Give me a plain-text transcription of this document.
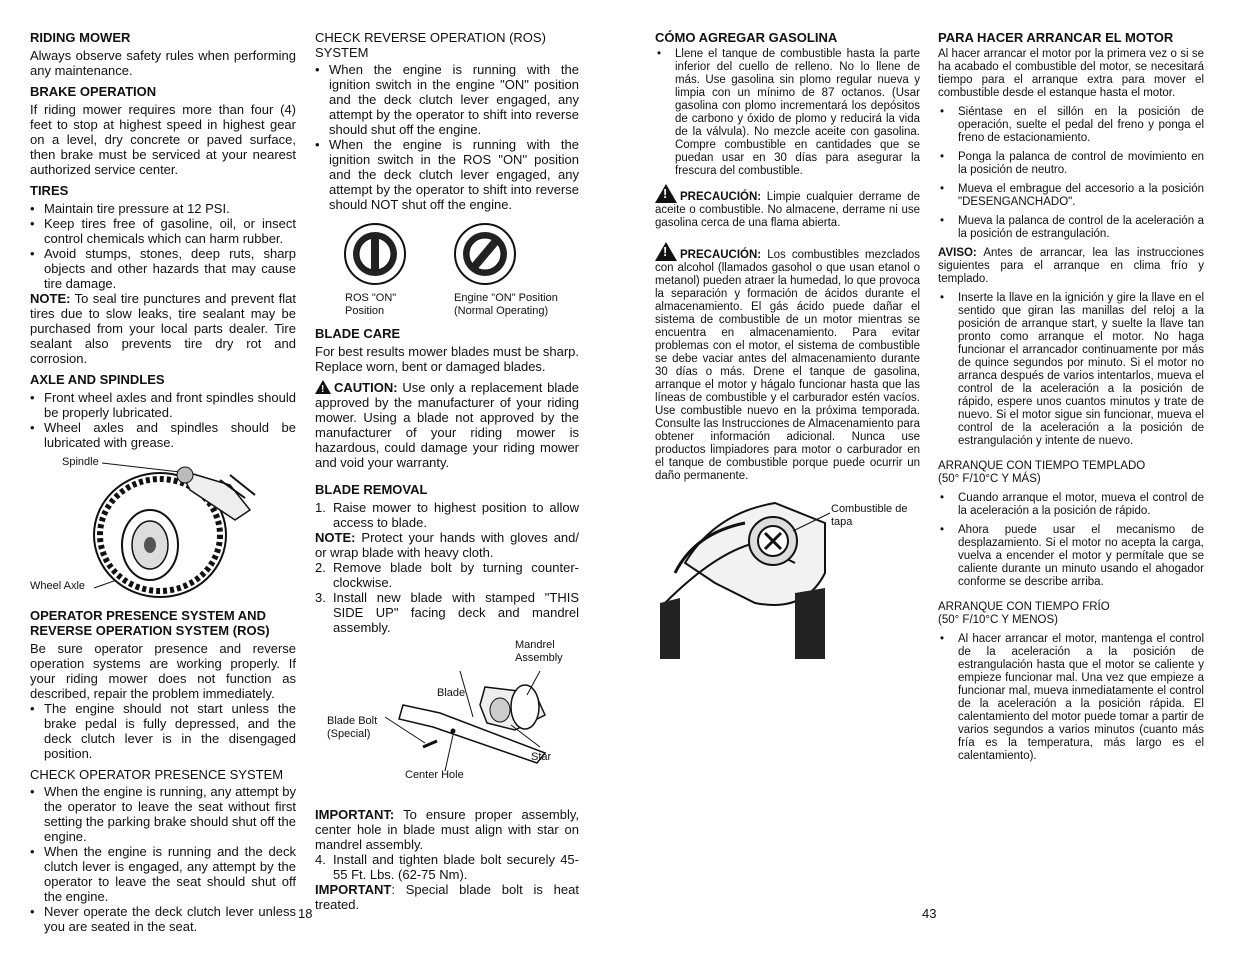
RIDING MOWER

Always observe safety rules when performing any maintenance.

BRAKE OPERATION

If riding mower requires more than four (4) feet to stop at highest speed in highest gear on a level, dry concrete or paved surface, then brake must be serviced at your nearest authorized service center.

TIRES

• Maintain tire pressure at 12 PSI.
• Keep tires free of gasoline, oil, or insect control chemicals which can harm rubber.
• Avoid stumps, stones, deep ruts, sharp objects and other hazards that may cause tire damage.

NOTE: To seal tire punctures and prevent flat tires due to slow leaks, tire sealant may be purchased from your local parts dealer. Tire sealant also prevents tire dry rot and corrosion.

AXLE AND SPINDLES

• Front wheel axles and front spindles should be properly lubricated.
• Wheel axles and spindles should be lubricated with grease.
Spindle
Wheel Axle

OPERATOR PRESENCE SYSTEM AND

REVERSE OPERATION SYSTEM (ROS)

Be sure operator presence and reverse operation systems are working properly. If your riding mower does not function as described, repair the problem immediately.

• The engine should not start unless the brake pedal is fully depressed, and the deck clutch lever is in the disengaged position.

CHECK OPERATOR PRESENCE SYSTEM

• When the engine is running, any attempt by the operator to leave the seat without first setting the parking brake should shut off the engine.
• When the engine is running and the deck clutch lever is engaged, any attempt by the operator to leave the seat should shut off the engine.
• Never operate the deck clutch lever unless you are seated in the seat.
18

CHECK REVERSE OPERATION (ROS) SYSTEM

• When the engine is running with the ignition switch in the engine "ON" position and the deck clutch lever engaged, any attempt by the operator to shift into reverse should shut off the engine.
• When the engine is running with the ignition switch in the ROS "ON" position and the deck clutch lever engaged, any attempt by the operator to shift into reverse should NOT shut off the engine.
ROS "ON" Position
Engine "ON" Position (Normal Operating)

BLADE CARE

For best results mower blades must be sharp. Replace worn, bent or damaged blades.

!CAUTION: Use only a replacement blade approved by the manufacturer of your riding mower. Using a blade not approved by the manufacturer of your riding mower is hazardous, could damage your riding mower and void your warranty.

BLADE REMOVAL

1. Raise mower to highest position to allow access to blade.

NOTE: Protect your hands with gloves and/ or wrap blade with heavy cloth.

2. Remove blade bolt by turning counter-clockwise.
3. Install new blade with stamped "THIS SIDE UP" facing deck and mandrel assembly.
Mandrel Assembly
Blade
Blade Bolt (Special)
Star
Center Hole

IMPORTANT: To ensure proper assembly, center hole in blade must align with star on mandrel assembly.

4. Install and tighten blade bolt securely 45-55 Ft. Lbs. (62-75 Nm).

IMPORTANT: Special blade bolt is heat treated.

CÓMO AGREGAR GASOLINA

• Llene el tanque de combustible hasta la parte inferior del cuello de relleno. No lo llene de más. Use gasolina sin plomo regular nueva y limpia con un mínimo de 87 octanos. (Usar gasolina con plomo incrementará los depósitos de carbono y óxido de plomo y reducirá la vida de la válvula). No mezcle aceite con gasolina. Compre combustible en cantidades que se puedan usar en 30 días para asegurar la frescura del combustible.

!PRECAUCIÓN: Limpie cualquier derrame de aceite o combustible. No almacene, derrame ni use gasolina cerca de una flama abierta.

!PRECAUCIÓN: Los combustibles mezclados con alcohol (llamados gasohol o que usan etanol o metanol) pueden atraer la humedad, lo que provoca la separación y formación de ácidos durante el almacenamiento. El gás ácido puede dañar el sistema de combustible de un motor mientras se encuentra en almacenamiento. Para evitar problemas con el motor, el sistema de combustible se debe vaciar antes del almacenamiento durante 30 días o más. Drene el tanque de gasolina, arranque el motor y hágalo funcionar hasta que las líneas de combustible y el carburador estén vacíos. Use combustible nuevo en la próxima temporada. Consulte las Instrucciones de Almacenamiento para obtener información adicional. Nunca use productos limpiadores para motor o carburador en el tanque de combustible porque puede ocurrir un daño permanente.

Combustible de tapa
43

PARA HACER ARRANCAR EL MOTOR

Al hacer arrancar el motor por la primera vez o si se ha acabado el combustible del motor, se necesitará tiempo para el arranque extra para mover el combustible desde el estanque hasta el motor.

• Siéntase en el sillón en la posición de operación, suelte el pedal del freno y ponga el freno de estacionamiento.
• Ponga la palanca de control de movimiento en la posición de neutro.
• Mueva el embrague del accesorio a la posición "DESENGANCHADO".
• Mueva la palanca de control de la aceleración a la posición de estrangulación.

AVISO: Antes de arrancar, lea las instrucciones siguientes para el arranque en clima frío y templado.

• Inserte la llave en la ignición y gire la llave en el sentido que giran las manillas del reloj a la posición de arranque start, y suelte la llave tan pronto como arranque el motor. No haga funcionar el arrancador continuamente por más de quince segundos por minuto. Si el motor no arranca después de varios intentarlos, mueva el control de la aceleración a la posición de rápido, espere unos cuantos minutos y trate de nuevo. Si el motor sigue sin funcionar, mueva el control de la aceleración a la posición de estrangulación y intente de nuevo.

ARRANQUE CON TIEMPO TEMPLADO

(50° F/10°C Y MÁS)

• Cuando arranque el motor, mueva el control de la aceleración a la posición de rápido.
• Ahora puede usar el mecanismo de desplazamiento. Si el motor no acepta la carga, vuelva a encender el motor y permítale que se caliente durante un minuto usando el ahogador conforme se describe arriba.

ARRANQUE CON TIEMPO FRÍO

(50° F/10°C Y MENOS)

• Al hacer arrancar el motor, mantenga el control de la aceleración a la posición de estrangulación hasta que el motor se caliente y empieze funcionar mal. Una vez que empieze a funcionar mal, mueva inmediatamente el control de la aceleración a la posición rápida. El calentamiento del motor puede tomar a partir de varios segundos a varios minutos (cuanto más fría es la temperatura, más largo es el calentamiento).
